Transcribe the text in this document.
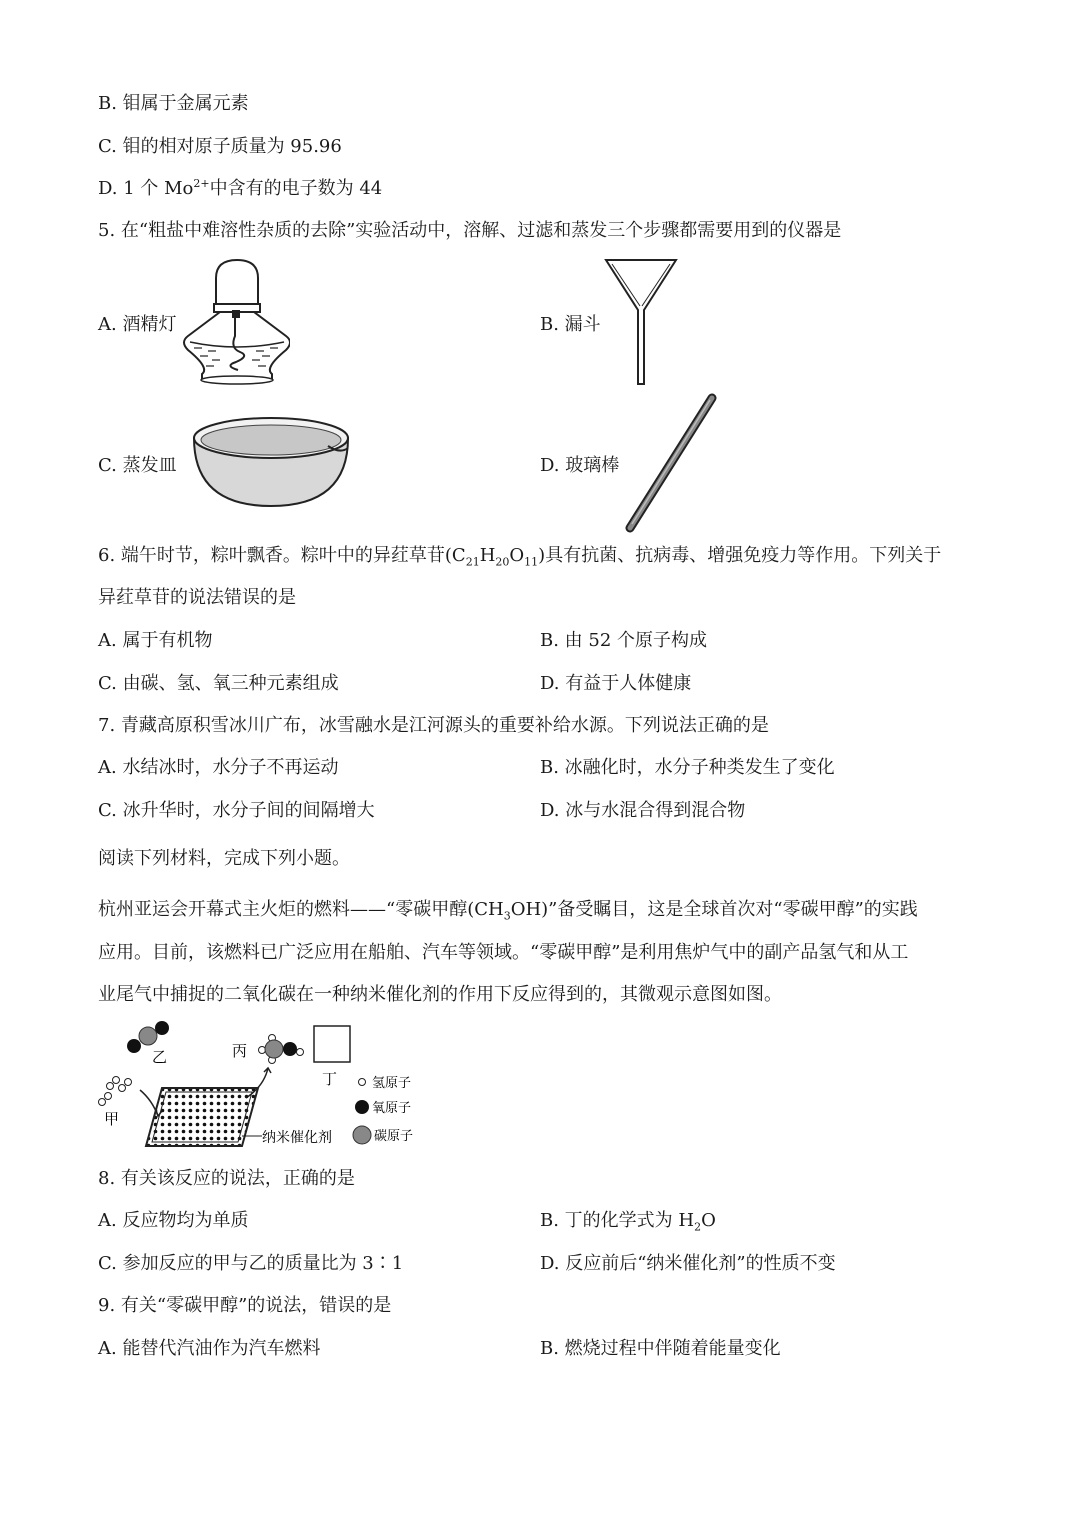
B. 钼属于金属元素
C. 钼的相对原子质量为 95.96
D. 1 个 $Mo^{2+}$中含有的电子数为 44
5. 在“粗盐中难溶性杂质的去除”实验活动中，溶解、过滤和蒸发三个步骤都需要用到的仪器是
A. 酒精灯	B. 漏斗
C. 蒸发皿	D. 玻璃棒
6. 端午时节，粽叶飘香。粽叶中的异荭草苷$(C_{21}H_{20}O_{11})$具有抗菌、抗病毒、增强免疫力等作用。下列关于
异荭草苷的说法错误的是
A. 属于有机物	B. 由 52 个原子构成
C. 由碳、氢、氧三种元素组成	D. 有益于人体健康
7. 青藏高原积雪冰川广布，冰雪融水是江河源头的重要补给水源。下列说法正确的是
A. 水结冰时，水分子不再运动	B. 冰融化时，水分子种类发生了变化
C. 冰升华时，水分子间的间隔增大	D. 冰与水混合得到混合物
阅读下列材料，完成下列小题。
杭州亚运会开幕式主火炬的燃料——“零碳甲醇$(CH_3OH)$”备受瞩目，这是全球首次对“零碳甲醇”的实践
应用。目前，该燃料已广泛应用在船舶、汽车等领域。“零碳甲醇”是利用焦炉气中的副产品氢气和从工
业尾气中捕捉的二氧化碳在一种纳米催化剂的作用下反应得到的，其微观示意图如图。
乙	丙
丁
甲
纳米催化剂
氢原子
氧原子
碳原子
8. 有关该反应的说法，正确的是
A. 反应物均为单质	B. 丁的化学式为 $H_2O$
C. 参加反应的甲与乙的质量比为 3∶1	D. 反应前后“纳米催化剂”的性质不变
9. 有关“零碳甲醇”的说法，错误的是
A. 能替代汽油作为汽车燃料	B. 燃烧过程中伴随着能量变化
